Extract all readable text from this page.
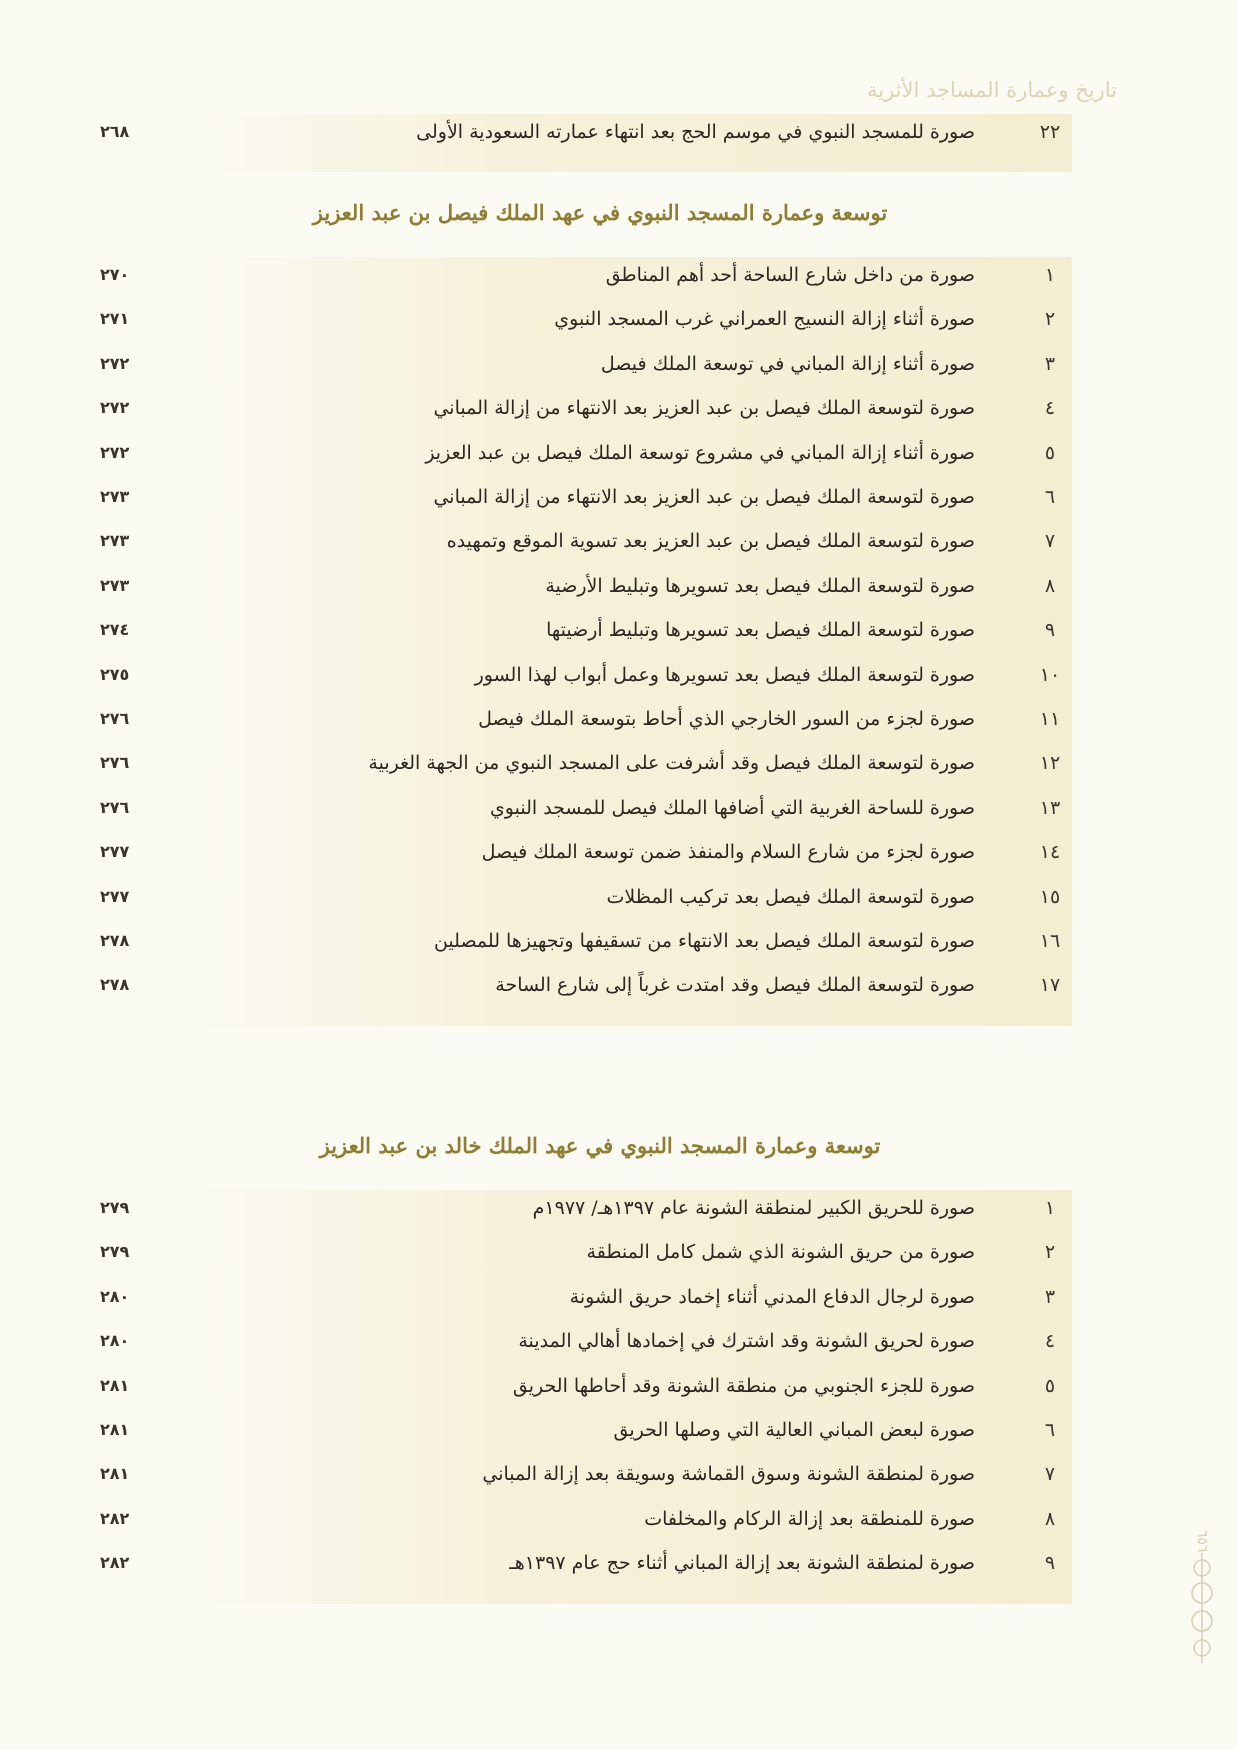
تاريخ وعمارة المساجد الأثرية
٢٢
صورة للمسجد النبوي في موسم الحج بعد انتهاء عمارته السعودية الأولى
٢٦٨
توسعة وعمارة المسجد النبوي في عهد الملك فيصل بن عبد العزيز
١
صورة من داخل شارع الساحة أحد أهم المناطق
٢٧٠
٢
صورة أثناء إزالة النسيج العمراني غرب المسجد النبوي
٢٧١
٣
صورة أثناء إزالة المباني في توسعة الملك فيصل
٢٧٢
٤
صورة لتوسعة الملك فيصل بن عبد العزيز بعد الانتهاء من إزالة المباني
٢٧٢
٥
صورة أثناء إزالة المباني في مشروع توسعة الملك فيصل بن عبد العزيز
٢٧٢
٦
صورة لتوسعة الملك فيصل بن عبد العزيز بعد الانتهاء من إزالة المباني
٢٧٣
٧
صورة لتوسعة الملك فيصل بن عبد العزيز بعد تسوية الموقع وتمهيده
٢٧٣
٨
صورة لتوسعة الملك فيصل بعد تسويرها وتبليط الأرضية
٢٧٣
٩
صورة لتوسعة الملك فيصل بعد تسويرها وتبليط أرضيتها
٢٧٤
١٠
صورة لتوسعة الملك فيصل بعد تسويرها وعمل أبواب لهذا السور
٢٧٥
١١
صورة لجزء من السور الخارجي الذي أحاط بتوسعة الملك فيصل
٢٧٦
١٢
صورة لتوسعة الملك فيصل وقد أشرفت على المسجد النبوي من الجهة الغربية
٢٧٦
١٣
صورة للساحة الغربية التي أضافها الملك فيصل للمسجد النبوي
٢٧٦
١٤
صورة لجزء من شارع السلام والمنفذ ضمن توسعة الملك فيصل
٢٧٧
١٥
صورة لتوسعة الملك فيصل بعد تركيب المظلات
٢٧٧
١٦
صورة لتوسعة الملك فيصل بعد الانتهاء من تسقيفها وتجهيزها للمصلين
٢٧٨
١٧
صورة لتوسعة الملك فيصل وقد امتدت غرباً إلى شارع الساحة
٢٧٨
توسعة وعمارة المسجد النبوي في عهد الملك خالد بن عبد العزيز
١
صورة للحريق الكبير لمنطقة الشونة عام ١٣٩٧هـ/ ١٩٧٧م
٢٧٩
٢
صورة من حريق الشونة الذي شمل كامل المنطقة
٢٧٩
٣
صورة لرجال الدفاع المدني أثناء إخماد حريق الشونة
٢٨٠
٤
صورة لحريق الشونة وقد اشترك في إخمادها أهالي المدينة
٢٨٠
٥
صورة للجزء الجنوبي من منطقة الشونة وقد أحاطها الحريق
٢٨١
٦
صورة لبعض المباني العالية التي وصلها الحريق
٢٨١
٧
صورة لمنطقة الشونة وسوق القماشة وسويقة بعد إزالة المباني
٢٨١
٨
صورة للمنطقة بعد إزالة الركام والمخلفات
٢٨٢
٩
صورة لمنطقة الشونة بعد إزالة المباني أثناء حج عام ١٣٩٧هـ
٢٨٢
٦٥٦
